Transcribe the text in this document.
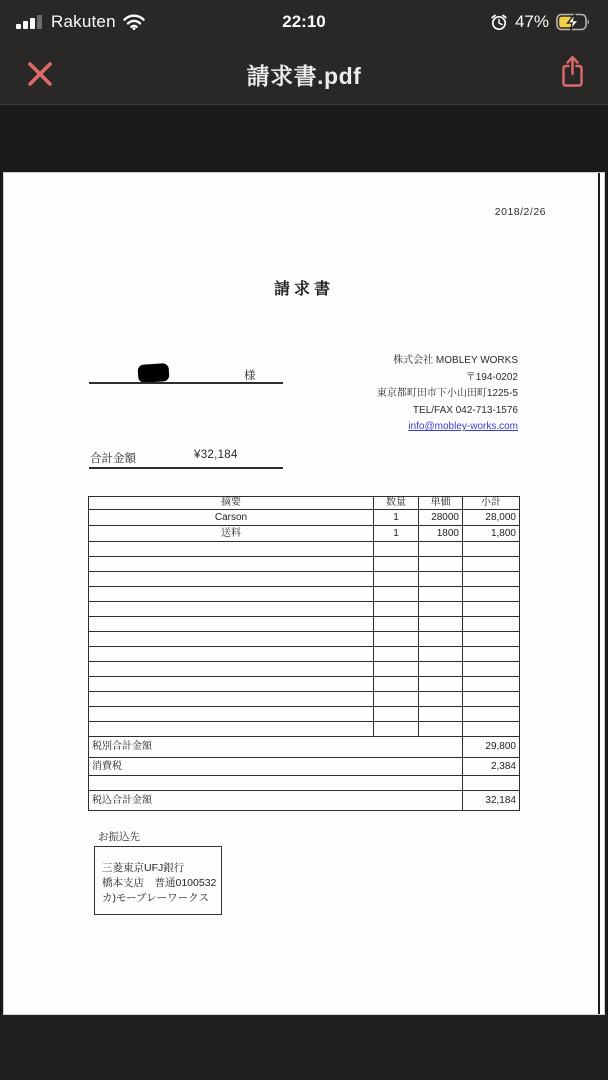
Rakuten	22:10	47%
請求書.pdf
2018/2/26
請求書
様
株式会社 MOBLEY WORKS
〒194-0202
東京都町田市下小山田町1225-5
TEL/FAX 042-713-1576
info@mobley-works.com
合計金額	¥32,184
摘要	数量	単価	小計
Carson	1	28000	28,000
送料	1	1800	1,800

税別合計金額			29,800
消費税			2,384

税込合計金額			32,184
お振込先
三菱東京UFJ銀行
橋本支店　普通0100532
カ)モーブレーワークス
